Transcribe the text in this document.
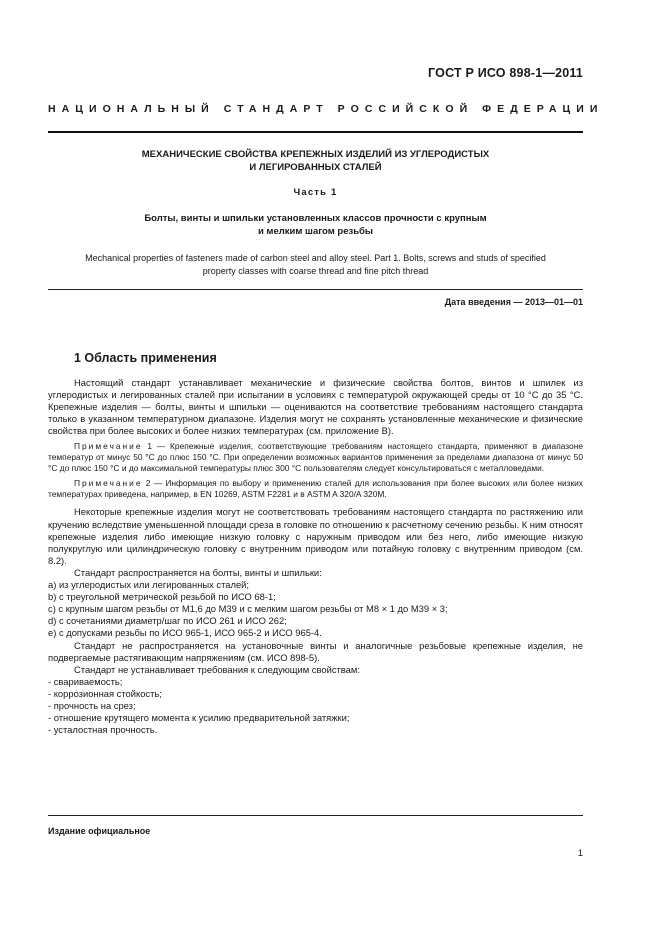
ГОСТ Р ИСО 898-1—2011
НАЦИОНАЛЬНЫЙ СТАНДАРТ РОССИЙСКОЙ ФЕДЕРАЦИИ
МЕХАНИЧЕСКИЕ СВОЙСТВА КРЕПЕЖНЫХ ИЗДЕЛИЙ ИЗ УГЛЕРОДИСТЫХ
И ЛЕГИРОВАННЫХ СТАЛЕЙ
Часть 1
Болты, винты и шпильки установленных классов прочности с крупным
и мелким шагом резьбы
Mechanical properties of fasteners made of carbon steel and alloy steel. Part 1. Bolts, screws and studs of specified
property classes with coarse thread and fine pitch thread
Дата введения — 2013—01—01
1 Область применения

Настоящий стандарт устанавливает механические и физические свойства болтов, винтов и шпилек из углеродистых и легированных сталей при испытании в условиях с температурой окружающей среды от 10 °С до 35 °С. Крепежные изделия — болты, винты и шпильки — оцениваются на соответствие требованиям настоящего стандарта только в указанном температурном диапазоне. Изделия могут не сохранять установленные механические и физические свойства при более высоких и более низких температурах (см. приложение В).

Примечание 1 — Крепежные изделия, соответствующие требованиям настоящего стандарта, применяют в диапазоне температур от минус 50 °С до плюс 150 °С. При определении возможных вариантов применения за пределами диапазона от минус 50 °С до плюс 150 °С и до максимальной температуры плюс 300 °С пользователям следует консультироваться с металловедами.

Примечание 2 — Информация по выбору и применению сталей для использования при более высоких или более низких температурах приведена, например, в EN 10269, ASTM F2281 и в ASTM A 320/A 320M.

Некоторые крепежные изделия могут не соответствовать требованиям настоящего стандарта по растяжению или кручению вследствие уменьшенной площади среза в головке по отношению к расчетному сечению резьбы. К ним относят крепежные изделия либо имеющие низкую головку с наружным приводом или без него, либо имеющие низкую полукруглую или цилиндрическую головку с внутренним приводом или потайную головку с внутренним приводом (см. 8.2).

Стандарт распространяется на болты, винты и шпильки:

а) из углеродистых или легированных сталей;

b) с треугольной метрической резьбой по ИСО 68-1;

c) с крупным шагом резьбы от М1,6 до М39 и с мелким шагом резьбы от М8 × 1 до М39 × 3;

d) с сочетаниями диаметр/шаг по ИСО 261 и ИСО 262;

e) с допусками резьбы по ИСО 965-1, ИСО 965-2 и ИСО 965-4.

Стандарт не распространяется на установочные винты и аналогичные резьбовые крепежные изделия, не подвергаемые растягивающим напряжениям (см. ИСО 898-5).

Стандарт не устанавливает требования к следующим свойствам:

- свариваемость;

- коррозионная стойкость;

- прочность на срез;

- отношение крутящего момента к усилию предварительной затяжки;

- усталостная прочность.

Издание официальное
1
